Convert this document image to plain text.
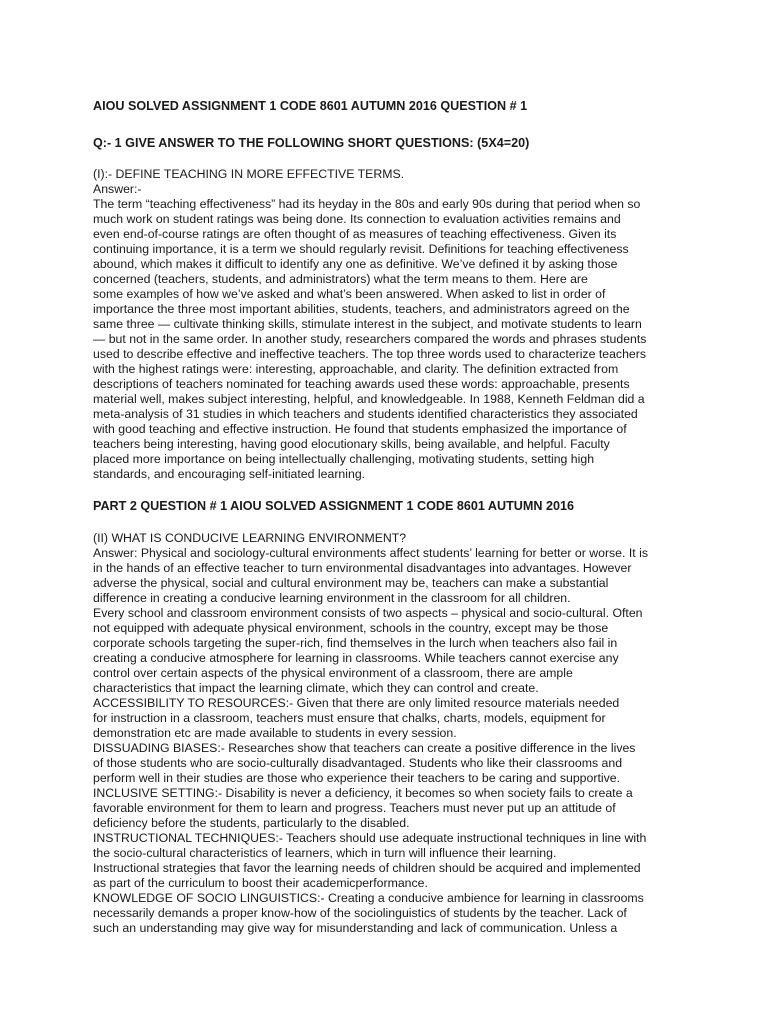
AIOU SOLVED ASSIGNMENT 1 CODE 8601 AUTUMN 2016 QUESTION # 1
Q:- 1 GIVE ANSWER TO THE FOLLOWING SHORT QUESTIONS: (5X4=20)
(I):- DEFINE TEACHING IN MORE EFFECTIVE TERMS.
Answer:-
The term “teaching effectiveness” had its heyday in the 80s and early 90s during that period when so
much work on student ratings was being done. Its connection to evaluation activities remains and
even end-of-course ratings are often thought of as measures of teaching effectiveness. Given its
continuing importance, it is a term we should regularly revisit. Definitions for teaching effectiveness
abound, which makes it difficult to identify any one as definitive. We’ve defined it by asking those
concerned (teachers, students, and administrators) what the term means to them. Here are
some examples of how we’ve asked and what’s been answered. When asked to list in order of
importance the three most important abilities, students, teachers, and administrators agreed on the
same three — cultivate thinking skills, stimulate interest in the subject, and motivate students to learn
— but not in the same order. In another study, researchers compared the words and phrases students
used to describe effective and ineffective teachers. The top three words used to characterize teachers
with the highest ratings were: interesting, approachable, and clarity. The definition extracted from
descriptions of teachers nominated for teaching awards used these words: approachable, presents
material well, makes subject interesting, helpful, and knowledgeable. In 1988, Kenneth Feldman did a
meta-analysis of 31 studies in which teachers and students identified characteristics they associated
with good teaching and effective instruction. He found that students emphasized the importance of
teachers being interesting, having good elocutionary skills, being available, and helpful. Faculty
placed more importance on being intellectually challenging, motivating students, setting high
standards, and encouraging self-initiated learning.
PART 2 QUESTION # 1 AIOU SOLVED ASSIGNMENT 1 CODE 8601 AUTUMN 2016
(II) WHAT IS CONDUCIVE LEARNING ENVIRONMENT?
Answer: Physical and sociology-cultural environments affect students’ learning for better or worse. It is
in the hands of an effective teacher to turn environmental disadvantages into advantages. However
adverse the physical, social and cultural environment may be, teachers can make a substantial
difference in creating a conducive learning environment in the classroom for all children.
Every school and classroom environment consists of two aspects – physical and socio-cultural. Often
not equipped with adequate physical environment, schools in the country, except may be those
corporate schools targeting the super-rich, find themselves in the lurch when teachers also fail in
creating a conducive atmosphere for learning in classrooms. While teachers cannot exercise any
control over certain aspects of the physical environment of a classroom, there are ample
characteristics that impact the learning climate, which they can control and create.
ACCESSIBILITY TO RESOURCES:- Given that there are only limited resource materials needed
for instruction in a classroom, teachers must ensure that chalks, charts, models, equipment for
demonstration etc are made available to students in every session.
DISSUADING BIASES:- Researches show that teachers can create a positive difference in the lives
of those students who are socio-culturally disadvantaged. Students who like their classrooms and
perform well in their studies are those who experience their teachers to be caring and supportive.
INCLUSIVE SETTING:- Disability is never a deficiency, it becomes so when society fails to create a
favorable environment for them to learn and progress. Teachers must never put up an attitude of
deficiency before the students, particularly to the disabled.
INSTRUCTIONAL TECHNIQUES:- Teachers should use adequate instructional techniques in line with
the socio-cultural characteristics of learners, which in turn will influence their learning.
Instructional strategies that favor the learning needs of children should be acquired and implemented
as part of the curriculum to boost their academicperformance.
KNOWLEDGE OF SOCIO LINGUISTICS:- Creating a conducive ambience for learning in classrooms
necessarily demands a proper know-how of the sociolinguistics of students by the teacher. Lack of
such an understanding may give way for misunderstanding and lack of communication. Unless a
